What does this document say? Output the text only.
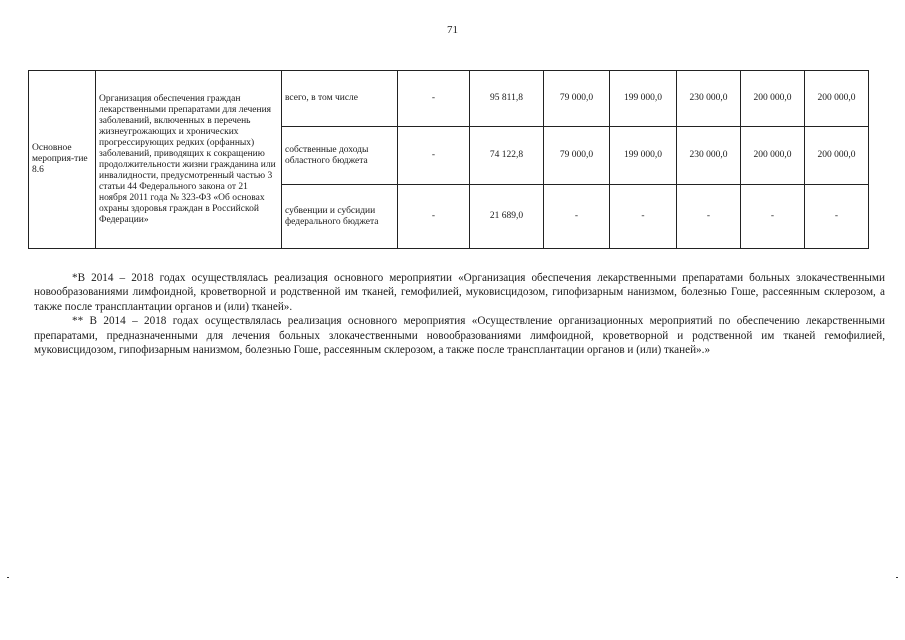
71
Основное мероприя-тие 8.6	Организация обеспечения граждан лекарственными препаратами для лечения заболеваний, включенных в перечень жизнеугрожающих и хронических прогрессирующих редких (орфанных) заболеваний, приводящих к сокращению продолжительности жизни гражданина или инвалидности, предусмотренный частью 3 статьи 44 Федерального закона от 21 ноября 2011 года № 323-ФЗ «Об основах охраны здоровья граждан в Российской Федерации»	всего, в том числе	-	95 811,8	79 000,0	199 000,0	230 000,0	200 000,0	200 000,0
		собственные доходы областного бюджета	-	74 122,8	79 000,0	199 000,0	230 000,0	200 000,0	200 000,0
		субвенции и субсидии федерального бюджета	-	21 689,0	-	-	-	-	-

*В 2014 – 2018 годах осуществлялась реализация основного мероприятии «Организация обеспечения лекарственными препаратами больных злокачественными новообразованиями лимфоидной, кроветворной и родственной им тканей, гемофилией, муковисцидозом, гипофизарным нанизмом, болезнью Гоше, рассеянным склерозом, а также после трансплантации органов и (или) тканей».

** В 2014 – 2018 годах осуществлялась реализация основного мероприятия «Осуществление организационных мероприятий по обеспечению лекарственными препаратами, предназначенными для лечения больных злокачественными новообразованиями лимфоидной, кроветворной и родственной им тканей гемофилией, муковисцидозом, гипофизарным нанизмом, болезнью Гоше, рассеянным склерозом, а также после трансплантации органов и (или) тканей».»
